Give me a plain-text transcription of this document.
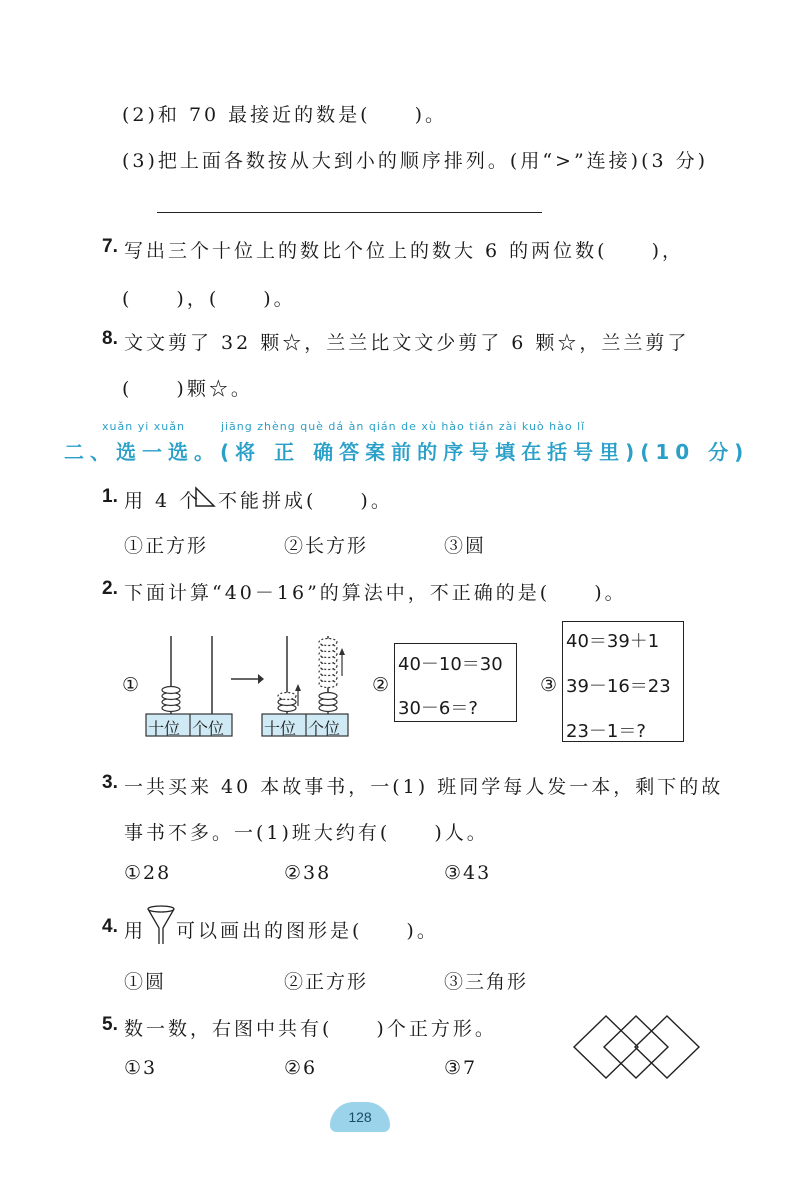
(2)和 70 最接近的数是(　　)。
(3)把上面各数按从大到小的顺序排列。(用“>”连接)(3 分)
7. 写出三个十位上的数比个位上的数大 6 的两位数(　　)，
(　　)，(　　)。
8. 文文剪了 32 颗☆，兰兰比文文少剪了 6 颗☆，兰兰剪了
(　　)颗☆。
xuǎn yi xuǎn　　　jiāng zhèng què dá àn qián de xù hào tián zài kuò hào lǐ
二、选一选。(将 正 确答案前的序号填在括号里)(10 分)
1. 用 4 个 不能拼成(　　)。
①正方形	②长方形	③圆
2. 下面计算“40－16”的算法中，不正确的是(　　)。
①
十位 个位 十位 个位
②
40－10＝30
30－6＝?
③
40＝39＋1
39－16＝23
23－1＝?
3. 一共买来 40 本故事书，一(1) 班同学每人发一本，剩下的故
事书不多。一(1)班大约有(　　)人。
①28	②38	③43
4. 用 可以画出的图形是(　　)。
①圆	②正方形	③三角形
5. 数一数，右图中共有(　　)个正方形。
①3	②6	③7
128
